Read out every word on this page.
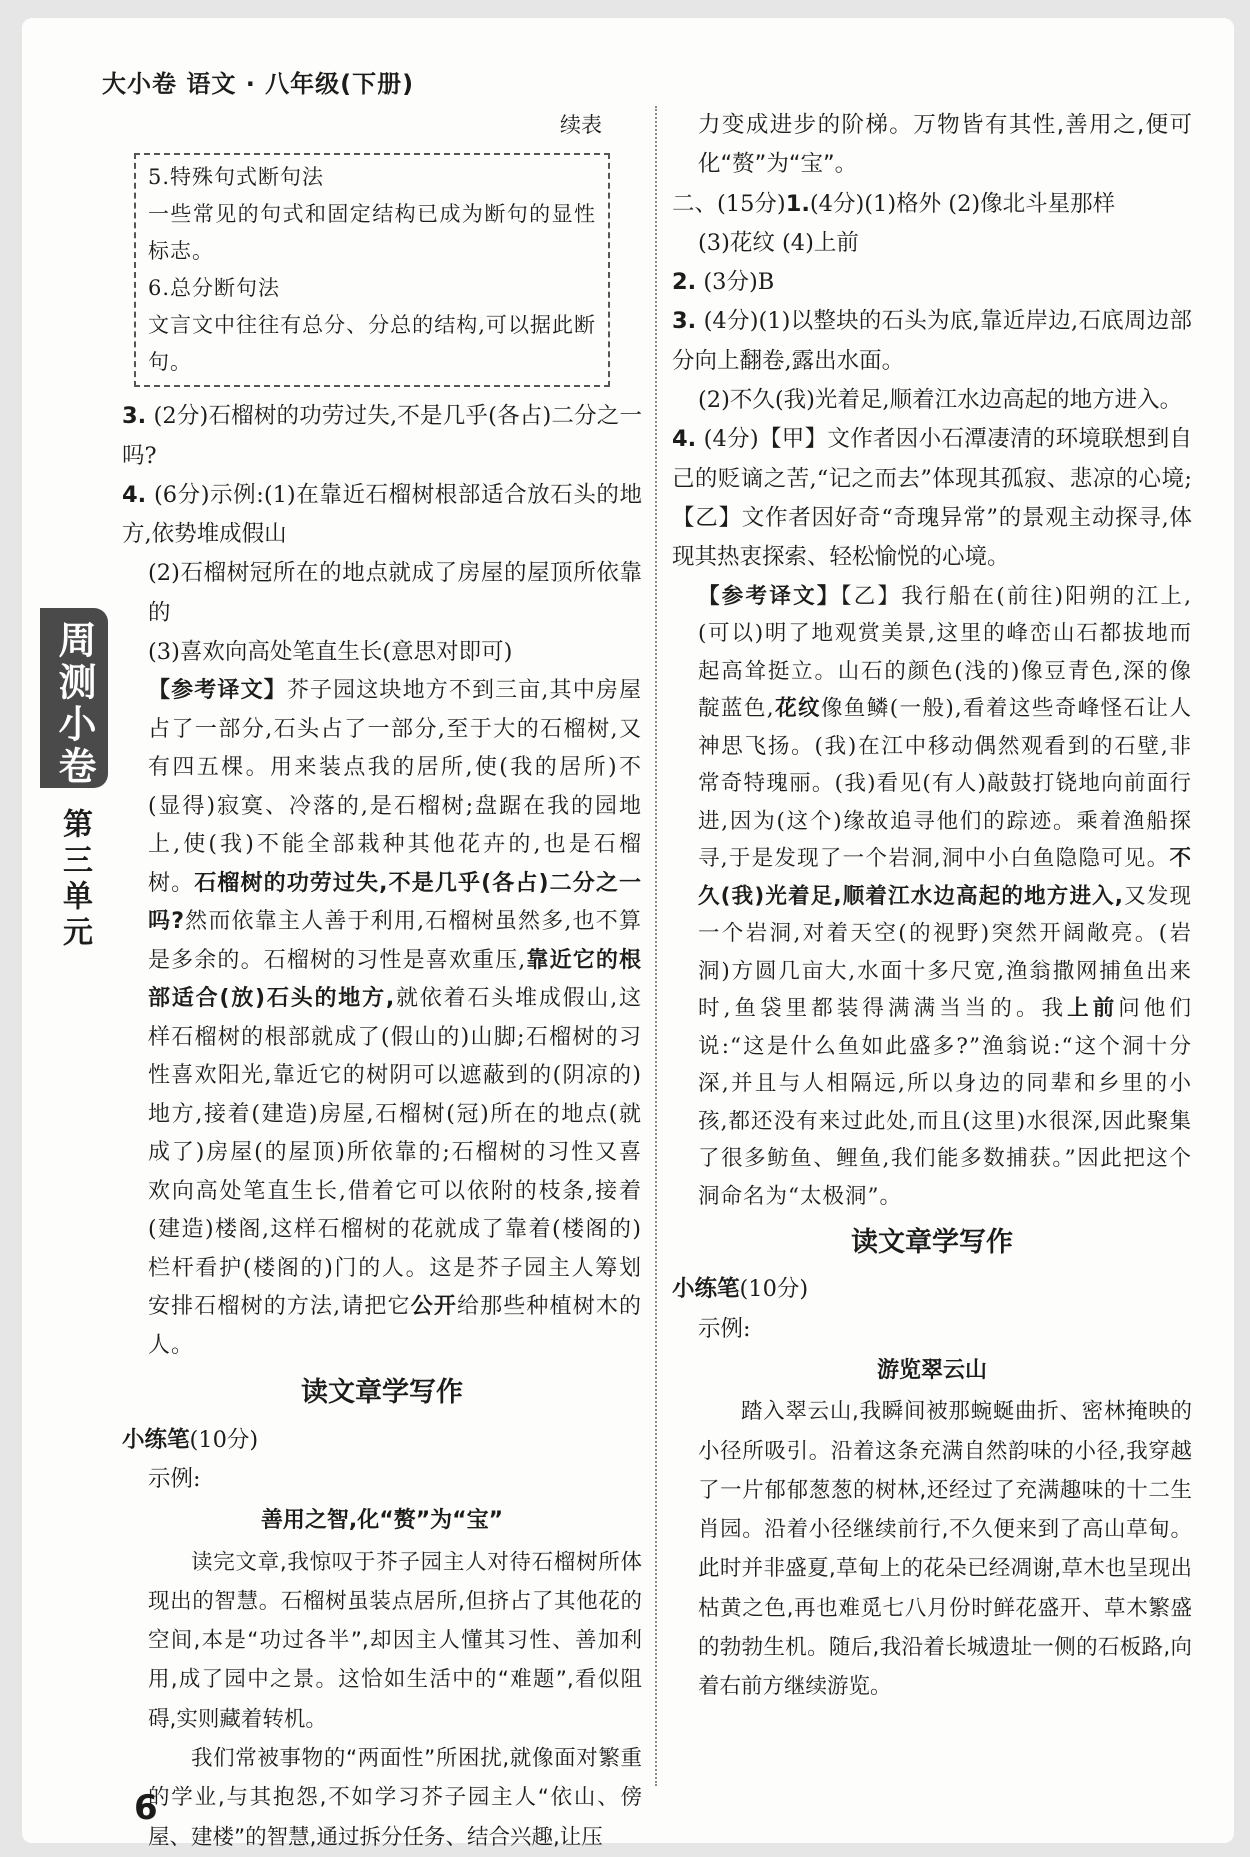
大小卷 语文 · 八年级(下册)
周测小卷
第三单元

续表

5.特殊句式断句法

一些常见的句式和固定结构已成为断句的显性标志。

6.总分断句法

文言文中往往有总分、分总的结构,可以据此断句。

3. (2分)石榴树的功劳过失,不是几乎(各占)二分之一吗?

4. (6分)示例:(1)在靠近石榴树根部适合放石头的地方,依势堆成假山

(2)石榴树冠所在的地点就成了房屋的屋顶所依靠的

(3)喜欢向高处笔直生长(意思对即可)

【参考译文】芥子园这块地方不到三亩,其中房屋占了一部分,石头占了一部分,至于大的石榴树,又有四五棵。用来装点我的居所,使(我的居所)不(显得)寂寞、冷落的,是石榴树;盘踞在我的园地上,使(我)不能全部栽种其他花卉的,也是石榴树。石榴树的功劳过失,不是几乎(各占)二分之一吗?然而依靠主人善于利用,石榴树虽然多,也不算是多余的。石榴树的习性是喜欢重压,靠近它的根部适合(放)石头的地方,就依着石头堆成假山,这样石榴树的根部就成了(假山的)山脚;石榴树的习性喜欢阳光,靠近它的树阴可以遮蔽到的(阴凉的)地方,接着(建造)房屋,石榴树(冠)所在的地点(就成了)房屋(的屋顶)所依靠的;石榴树的习性又喜欢向高处笔直生长,借着它可以依附的枝条,接着(建造)楼阁,这样石榴树的花就成了靠着(楼阁的)栏杆看护(楼阁的)门的人。这是芥子园主人筹划安排石榴树的方法,请把它公开给那些种植树木的人。

读文章学写作

小练笔(10分)

示例:

善用之智,化“赘”为“宝”

读完文章,我惊叹于芥子园主人对待石榴树所体现出的智慧。石榴树虽装点居所,但挤占了其他花的空间,本是“功过各半”,却因主人懂其习性、善加利用,成了园中之景。这恰如生活中的“难题”,看似阻碍,实则藏着转机。

我们常被事物的“两面性”所困扰,就像面对繁重的学业,与其抱怨,不如学习芥子园主人“依山、傍屋、建楼”的智慧,通过拆分任务、结合兴趣,让压

力变成进步的阶梯。万物皆有其性,善用之,便可化“赘”为“宝”。

二、(15分)1.(4分)(1)格外 (2)像北斗星那样

(3)花纹 (4)上前

2. (3分)B

3. (4分)(1)以整块的石头为底,靠近岸边,石底周边部分向上翻卷,露出水面。

(2)不久(我)光着足,顺着江水边高起的地方进入。

4. (4分)【甲】文作者因小石潭凄清的环境联想到自己的贬谪之苦,“记之而去”体现其孤寂、悲凉的心境;【乙】文作者因好奇“奇瑰异常”的景观主动探寻,体现其热衷探索、轻松愉悦的心境。

【参考译文】【乙】我行船在(前往)阳朔的江上,(可以)明了地观赏美景,这里的峰峦山石都拔地而起高耸挺立。山石的颜色(浅的)像豆青色,深的像靛蓝色,花纹像鱼鳞(一般),看着这些奇峰怪石让人神思飞扬。(我)在江中移动偶然观看到的石壁,非常奇特瑰丽。(我)看见(有人)敲鼓打铙地向前面行进,因为(这个)缘故追寻他们的踪迹。乘着渔船探寻,于是发现了一个岩洞,洞中小白鱼隐隐可见。不久(我)光着足,顺着江水边高起的地方进入,又发现一个岩洞,对着天空(的视野)突然开阔敞亮。(岩洞)方圆几亩大,水面十多尺宽,渔翁撒网捕鱼出来时,鱼袋里都装得满满当当的。我上前问他们说:“这是什么鱼如此盛多?”渔翁说:“这个洞十分深,并且与人相隔远,所以身边的同辈和乡里的小孩,都还没有来过此处,而且(这里)水很深,因此聚集了很多鲂鱼、鲤鱼,我们能多数捕获。”因此把这个洞命名为“太极洞”。

读文章学写作

小练笔(10分)

示例:

游览翠云山

踏入翠云山,我瞬间被那蜿蜒曲折、密林掩映的小径所吸引。沿着这条充满自然韵味的小径,我穿越了一片郁郁葱葱的树林,还经过了充满趣味的十二生肖园。沿着小径继续前行,不久便来到了高山草甸。此时并非盛夏,草甸上的花朵已经凋谢,草木也呈现出枯黄之色,再也难觅七八月份时鲜花盛开、草木繁盛的勃勃生机。随后,我沿着长城遗址一侧的石板路,向着右前方继续游览。

6
